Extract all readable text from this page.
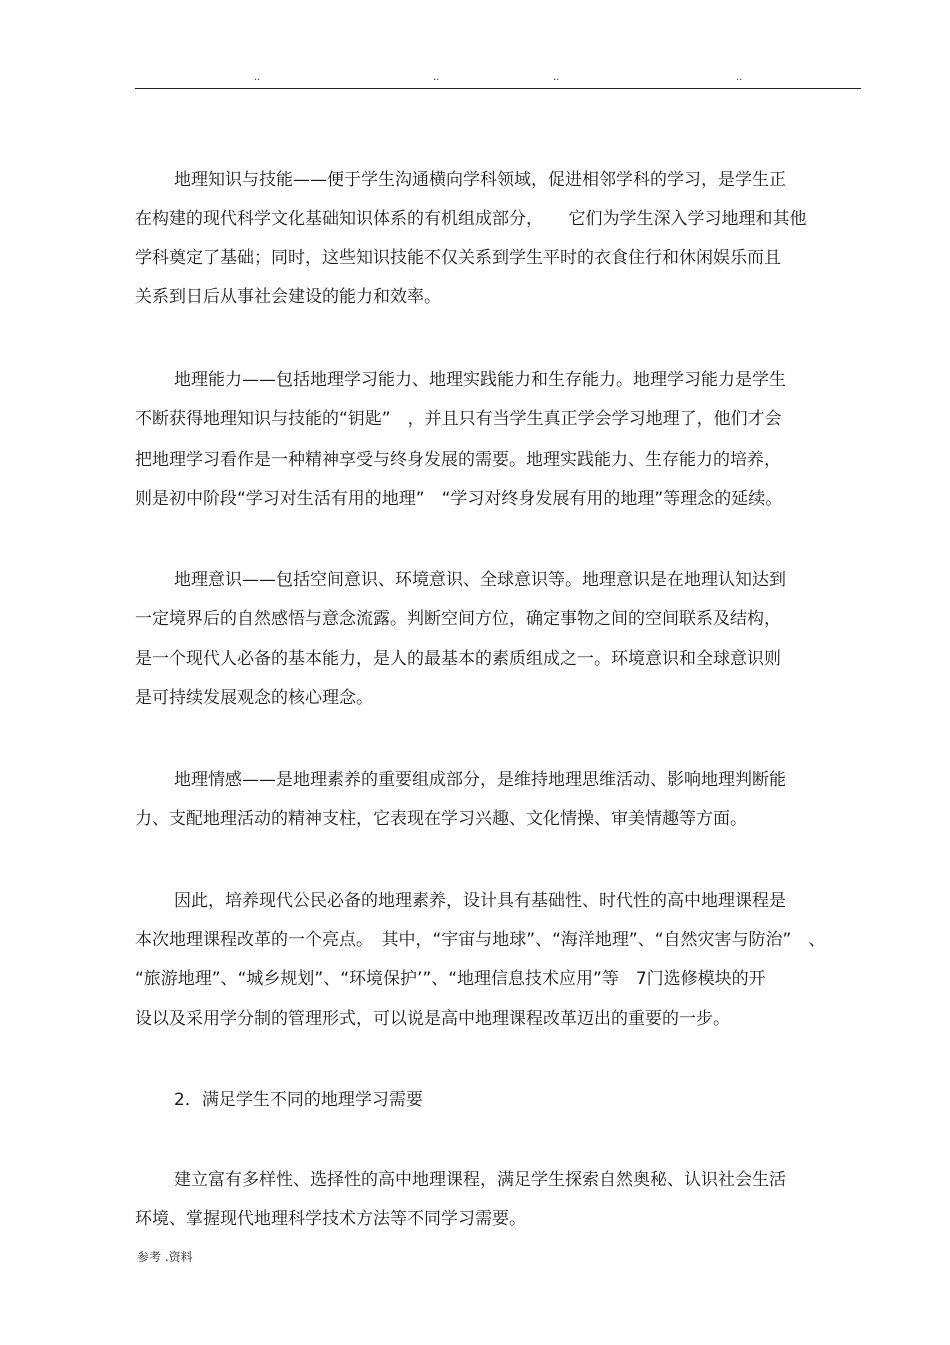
..	..	..	..
地理知识与技能——便于学生沟通横向学科领域，促进相邻学科的学习，是学生正
在构建的现代科学文化基础知识体系的有机组成部分，　　它们为学生深入学习地理和其他
学科奠定了基础；同时，这些知识技能不仅关系到学生平时的衣食住行和休闲娱乐而且
关系到日后从事社会建设的能力和效率。
地理能力——包括地理学习能力、地理实践能力和生存能力。地理学习能力是学生
不断获得地理知识与技能的“钥匙”　，并且只有当学生真正学会学习地理了，他们才会
把地理学习看作是一种精神享受与终身发展的需要。地理实践能力、生存能力的培养，
则是初中阶段“学习对生活有用的地理”　“学习对终身发展有用的地理”等理念的延续。
地理意识——包括空间意识、环境意识、全球意识等。地理意识是在地理认知达到
一定境界后的自然感悟与意念流露。判断空间方位，确定事物之间的空间联系及结构，
是一个现代人必备的基本能力，是人的最基本的素质组成之一。环境意识和全球意识则
是可持续发展观念的核心理念。
地理情感——是地理素养的重要组成部分，是维持地理思维活动、影响地理判断能
力、支配地理活动的精神支柱，它表现在学习兴趣、文化情操、审美情趣等方面。
因此，培养现代公民必备的地理素养，设计具有基础性、时代性的高中地理课程是
本次地理课程改革的一个亮点。　其中，“宇宙与地球”、“海洋地理”、“自然灾害与防治”　、
“旅游地理”、“城乡规划”、“环境保护’”、“地理信息技术应用”等　7门选修模块的开
设以及采用学分制的管理形式，可以说是高中地理课程改革迈出的重要的一步。
2．满足学生不同的地理学习需要
建立富有多样性、选择性的高中地理课程，满足学生探索自然奥秘、认识社会生活
环境、掌握现代地理科学技术方法等不同学习需要。
参考 .资料
